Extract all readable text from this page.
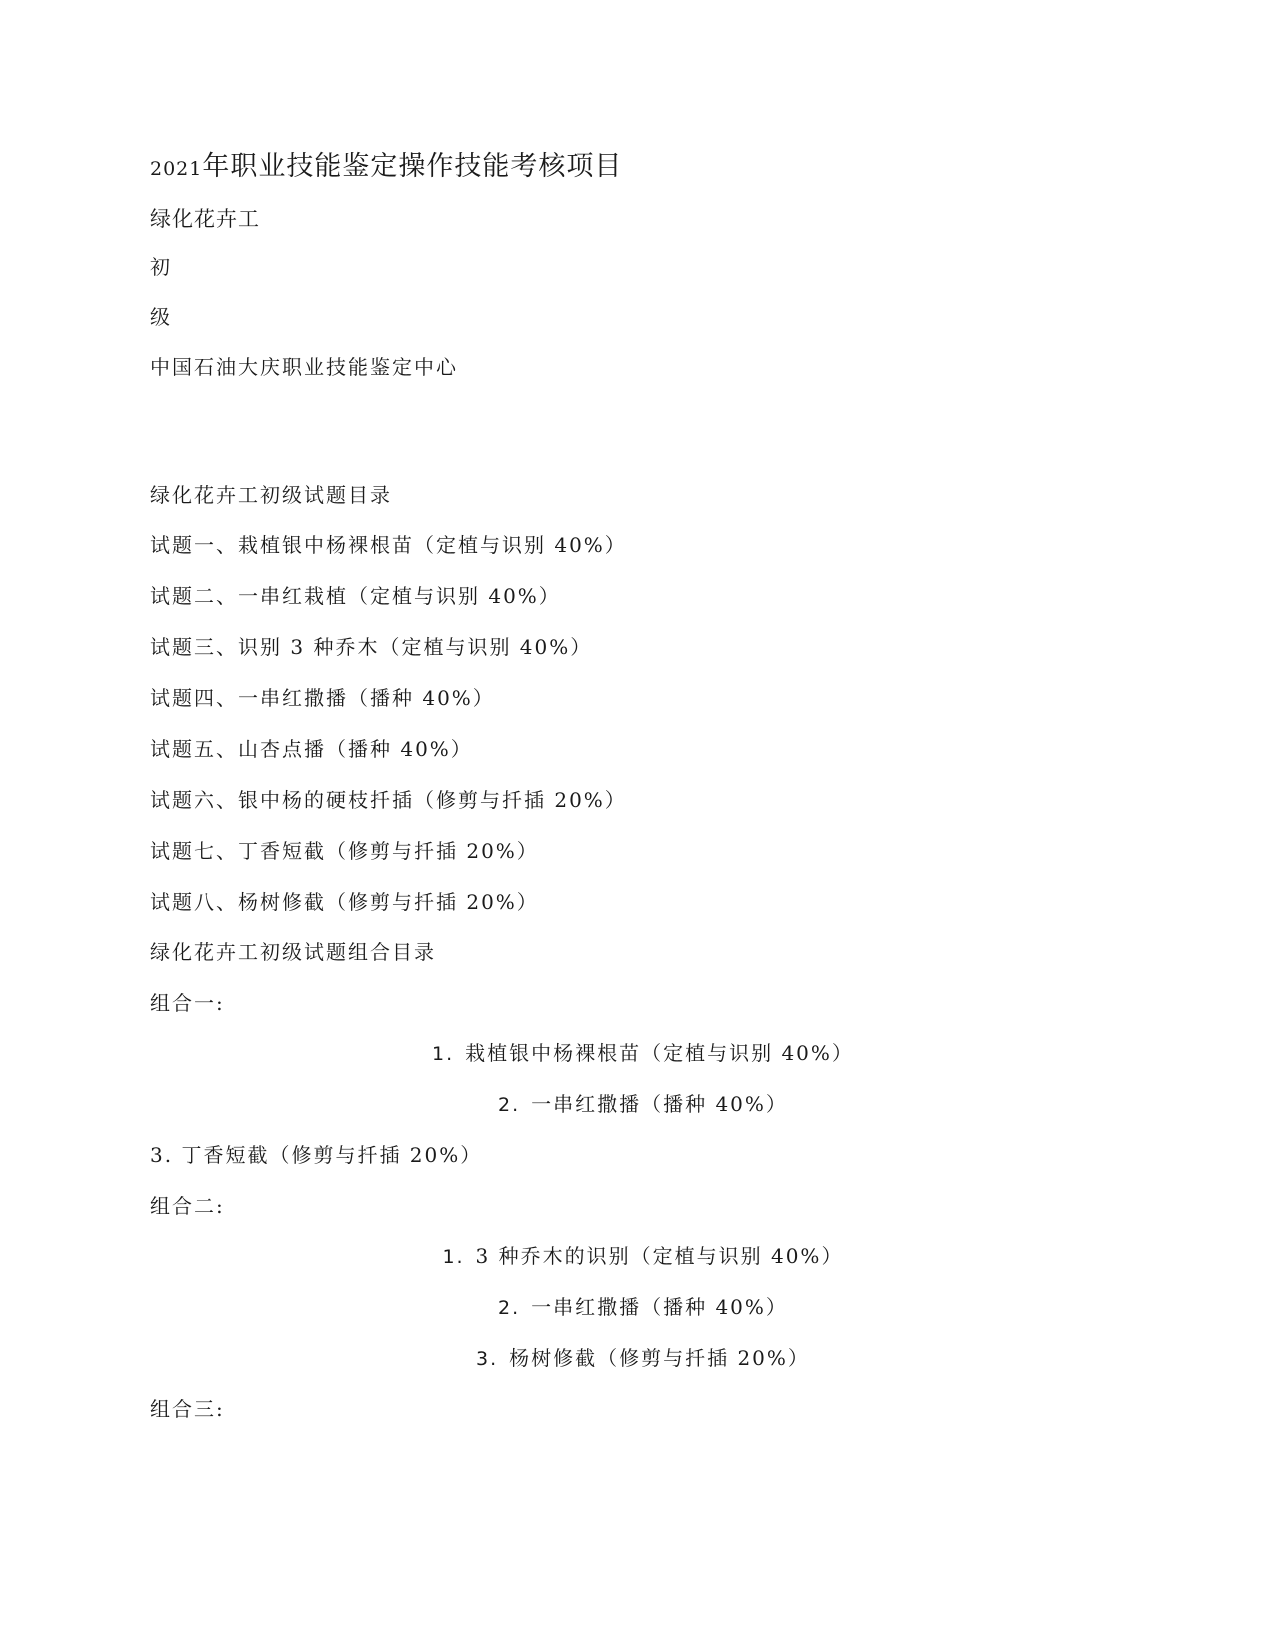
2021年职业技能鉴定操作技能考核项目
绿化花卉工
初
级
中国石油大庆职业技能鉴定中心
绿化花卉工初级试题目录
试题一、栽植银中杨裸根苗（定植与识别 40%）
试题二、一串红栽植（定植与识别 40%）
试题三、识别 3 种乔木（定植与识别 40%）
试题四、一串红撒播（播种 40%）
试题五、山杏点播（播种 40%）
试题六、银中杨的硬枝扦插（修剪与扦插 20%）
试题七、丁香短截（修剪与扦插 20%）
试题八、杨树修截（修剪与扦插 20%）
绿化花卉工初级试题组合目录
组合一:
1. 栽植银中杨裸根苗（定植与识别 40%）
2. 一串红撒播（播种 40%）
3. 丁香短截（修剪与扦插 20%）
组合二:
1. 3 种乔木的识别（定植与识别 40%）
2. 一串红撒播（播种 40%）
3. 杨树修截（修剪与扦插 20%）
组合三:
